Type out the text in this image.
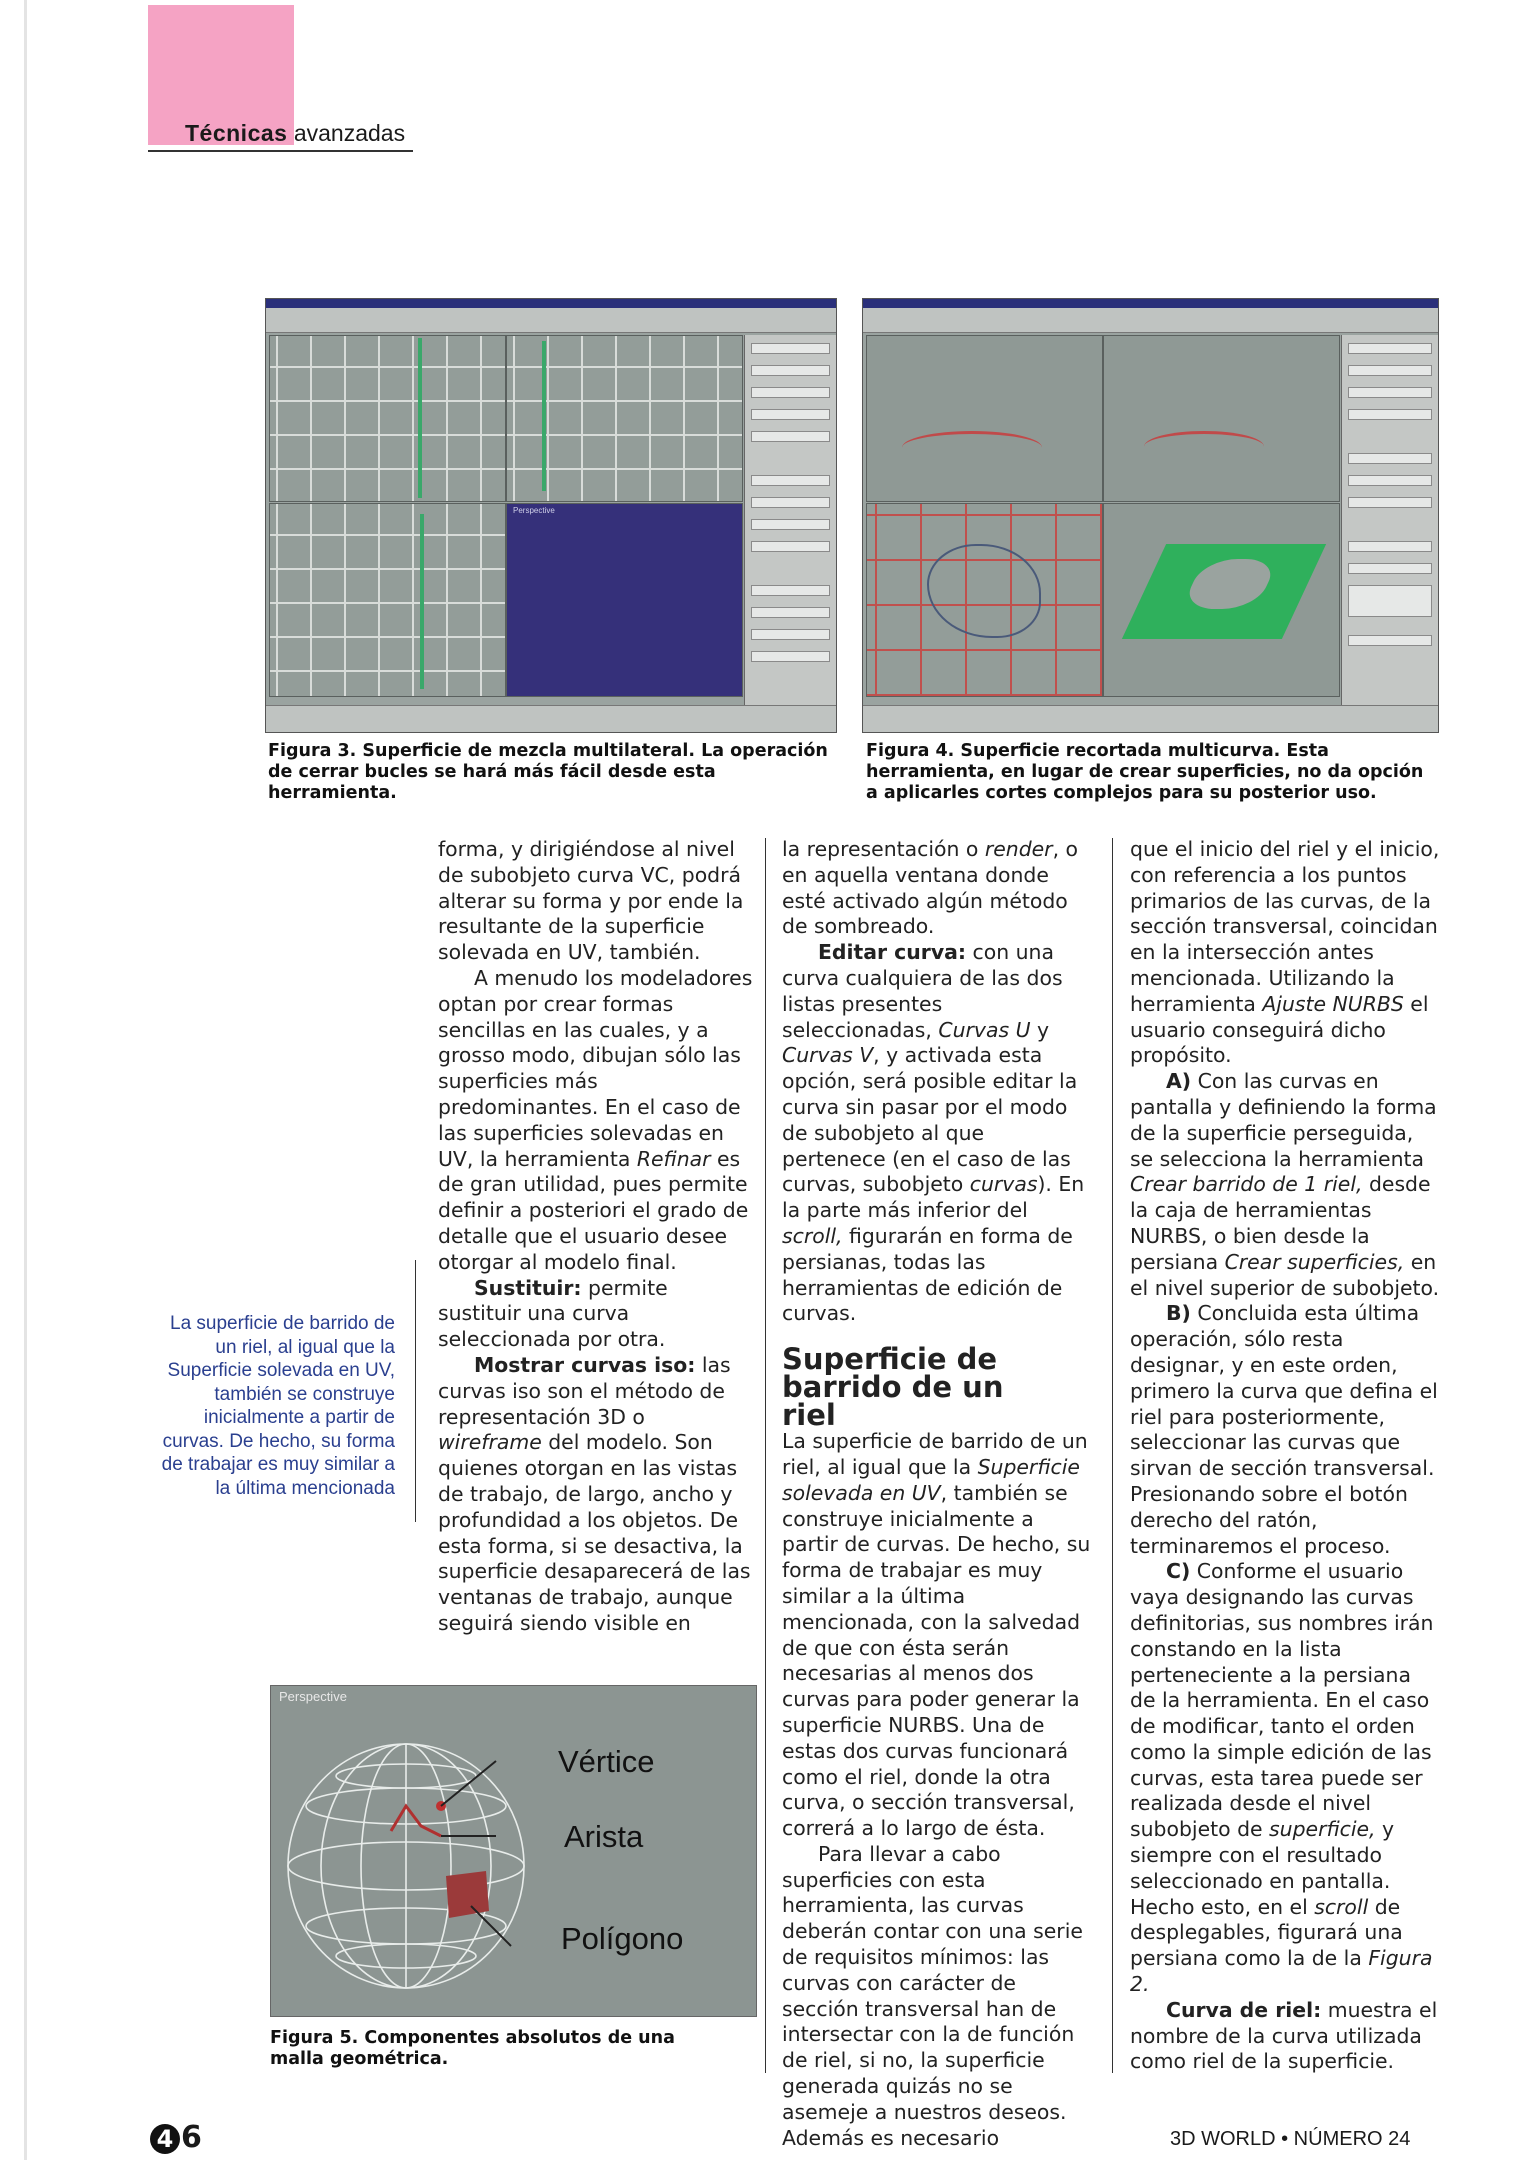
Técnicas avanzadas
Perspective
Figura 3. Superficie de mezcla multilateral. La operación de cerrar bucles se hará más fácil desde esta herramienta.
Figura 4. Superficie recortada multicurva. Esta herramienta, en lugar de crear superficies, no da opción a aplicarles cortes complejos para su posterior uso.
La superficie de barrido de un riel, al igual que la Superficie solevada en UV, también se construye inicialmente a partir de curvas. De hecho, su forma de trabajar es muy similar a la última mencionada

forma, y dirigiéndose al nivel de subobjeto curva VC, podrá alterar su forma y por ende la resultante de la superficie solevada en UV, también.

A menudo los modeladores optan por crear formas sencillas en las cuales, y a grosso modo, dibujan sólo las superficies más predominantes. En el caso de las superficies solevadas en UV, la herramienta Refinar es de gran utilidad, pues permite definir a posteriori el grado de detalle que el usuario desee otorgar al modelo final.

Sustituir: permite sustituir una curva seleccionada por otra.

Mostrar curvas iso: las curvas iso son el método de representación 3D o wireframe del modelo. Son quienes otorgan en las vistas de trabajo, de largo, ancho y profundidad a los objetos. De esta forma, si se desactiva, la superficie desaparecerá de las ventanas de trabajo, aunque seguirá siendo visible en

Perspective
Vértice
Arista
Polígono
Figura 5. Componentes absolutos de una malla geométrica.

la representación o render, o en aquella ventana donde esté activado algún método de sombreado.

Editar curva: con una curva cualquiera de las dos listas presentes seleccionadas, Curvas U y Curvas V, y activada esta opción, será posible editar la curva sin pasar por el modo de subobjeto al que pertenece (en el caso de las curvas, subobjeto curvas). En la parte más inferior del scroll, figurarán en forma de persianas, todas las herramientas de edición de curvas.

Superficie de barrido de un riel

La superficie de barrido de un riel, al igual que la Superficie solevada en UV, también se construye inicialmente a partir de curvas. De hecho, su forma de trabajar es muy similar a la última mencionada, con la salvedad de que con ésta serán necesarias al menos dos curvas para poder generar la superficie NURBS. Una de estas dos curvas funcionará como el riel, donde la otra curva, o sección transversal, correrá a lo largo de ésta.

Para llevar a cabo superficies con esta herramienta, las curvas deberán contar con una serie de requisitos mínimos: las curvas con carácter de sección transversal han de intersectar con la de función de riel, si no, la superficie generada quizás no se asemeje a nuestros deseos. Además es necesario

que el inicio del riel y el inicio, con referencia a los puntos primarios de las curvas, de la sección transversal, coincidan en la intersección antes mencionada. Utilizando la herramienta Ajuste NURBS el usuario conseguirá dicho propósito.

A) Con las curvas en pantalla y definiendo la forma de la superficie perseguida, se selecciona la herramienta Crear barrido de 1 riel, desde la caja de herramientas NURBS, o bien desde la persiana Crear superficies, en el nivel superior de subobjeto.

B) Concluida esta última operación, sólo resta designar, y en este orden, primero la curva que defina el riel para posteriormente, seleccionar las curvas que sirvan de sección transversal. Presionando sobre el botón derecho del ratón, terminaremos el proceso.

C) Conforme el usuario vaya designando las curvas definitorias, sus nombres irán constando en la lista perteneciente a la persiana de la herramienta. En el caso de modificar, tanto el orden como la simple edición de las curvas, esta tarea puede ser realizada desde el nivel subobjeto de superficie, y siempre con el resultado seleccionado en pantalla. Hecho esto, en el scroll de desplegables, figurará una persiana como la de la Figura 2.

Curva de riel: muestra el nombre de la curva utilizada como riel de la superficie.

4 6	3D WORLD • NÚMERO 24
